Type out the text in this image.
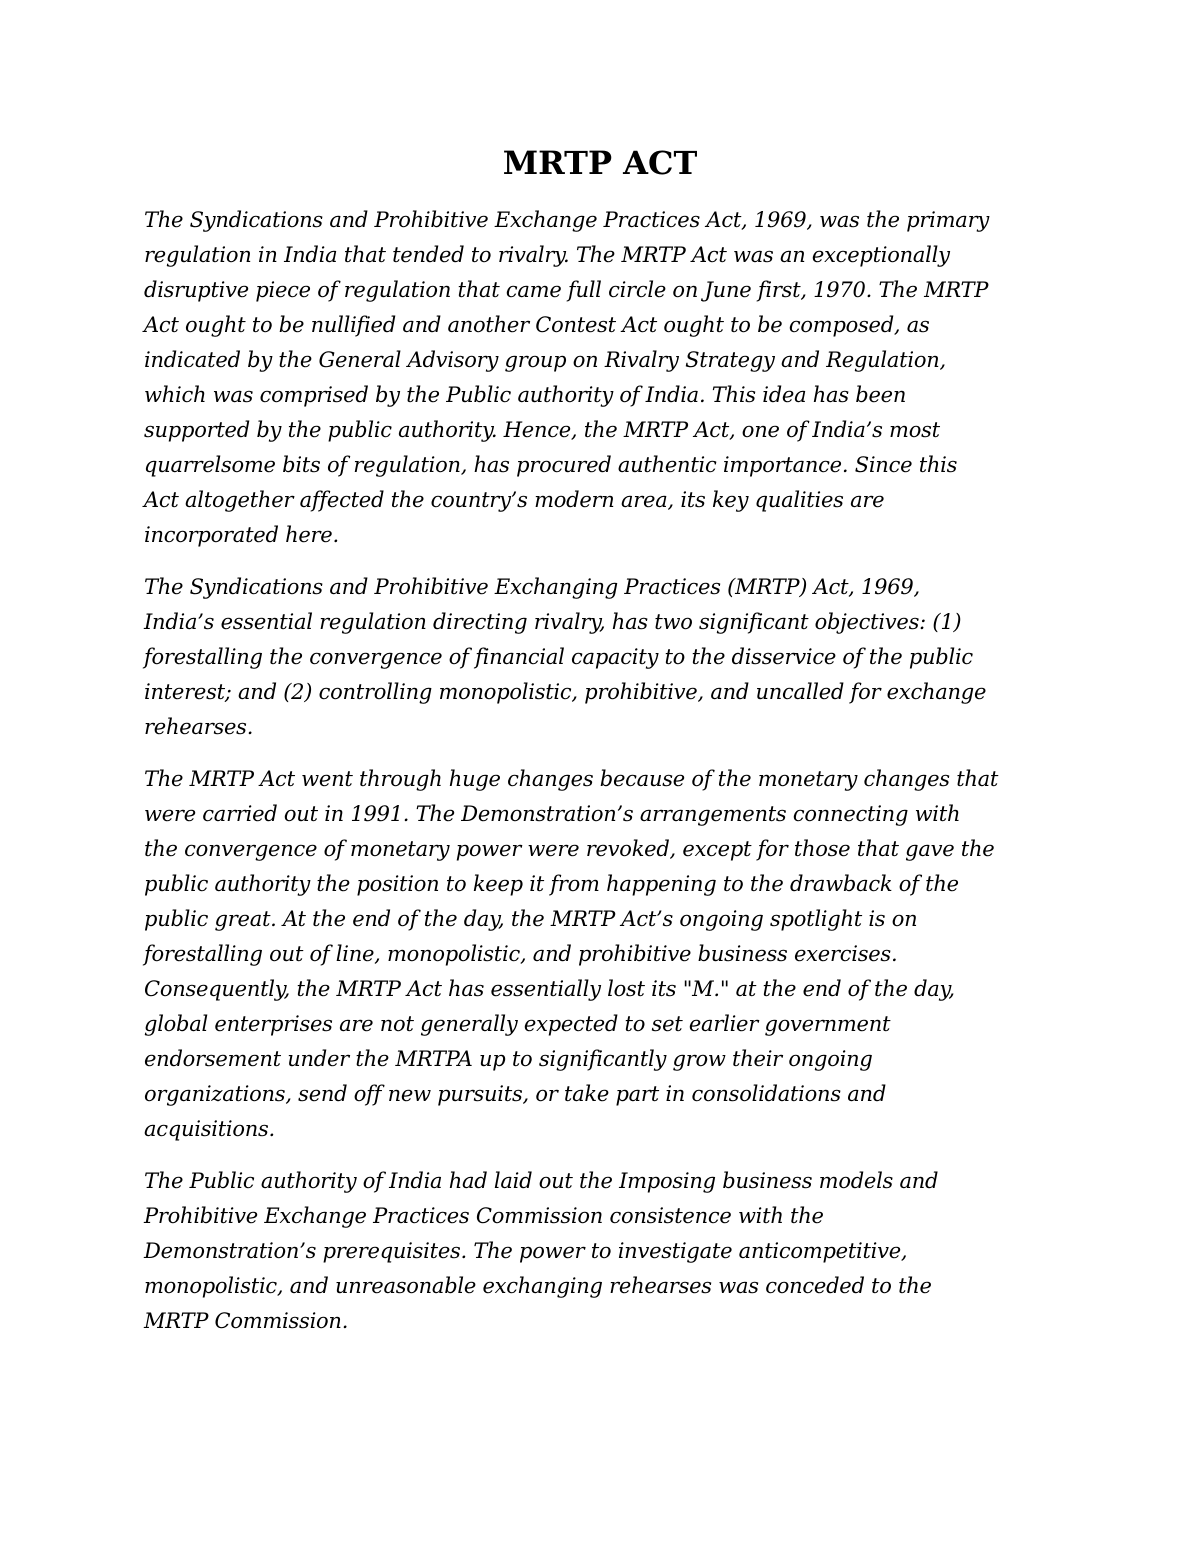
MRTP ACT

The Syndications and Prohibitive Exchange Practices Act, 1969, was the primary
regulation in India that tended to rivalry. The MRTP Act was an exceptionally
disruptive piece of regulation that came full circle on June first, 1970. The MRTP
Act ought to be nullified and another Contest Act ought to be composed, as
indicated by the General Advisory group on Rivalry Strategy and Regulation,
which was comprised by the Public authority of India. This idea has been
supported by the public authority. Hence, the MRTP Act, one of India’s most
quarrelsome bits of regulation, has procured authentic importance. Since this
Act altogether affected the country’s modern area, its key qualities are
incorporated here.

The Syndications and Prohibitive Exchanging Practices (MRTP) Act, 1969,
India’s essential regulation directing rivalry, has two significant objectives: (1)
forestalling the convergence of financial capacity to the disservice of the public
interest; and (2) controlling monopolistic, prohibitive, and uncalled for exchange
rehearses.

The MRTP Act went through huge changes because of the monetary changes that
were carried out in 1991. The Demonstration’s arrangements connecting with
the convergence of monetary power were revoked, except for those that gave the
public authority the position to keep it from happening to the drawback of the
public great. At the end of the day, the MRTP Act’s ongoing spotlight is on
forestalling out of line, monopolistic, and prohibitive business exercises.
Consequently, the MRTP Act has essentially lost its "M." at the end of the day,
global enterprises are not generally expected to set earlier government
endorsement under the MRTPA up to significantly grow their ongoing
organizations, send off new pursuits, or take part in consolidations and
acquisitions.

The Public authority of India had laid out the Imposing business models and
Prohibitive Exchange Practices Commission consistence with the
Demonstration’s prerequisites. The power to investigate anticompetitive,
monopolistic, and unreasonable exchanging rehearses was conceded to the
MRTP Commission.
